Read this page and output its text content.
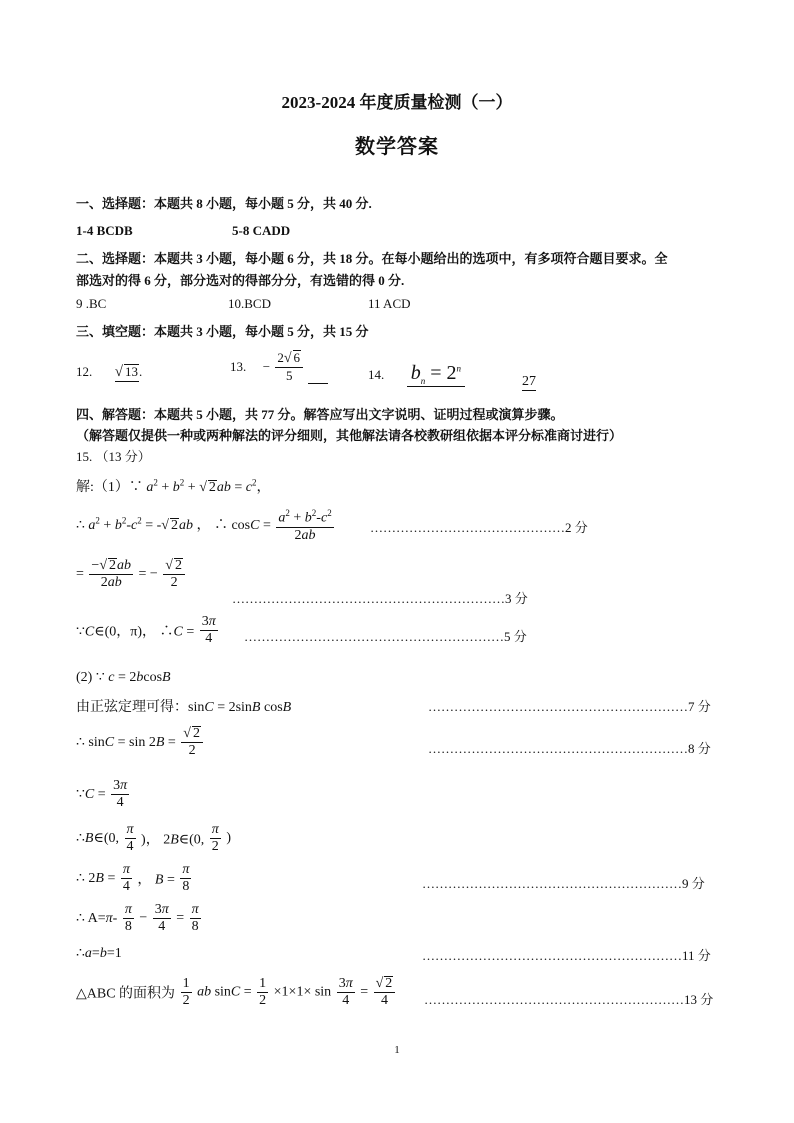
2023-2024 年度质量检测（一）
数学答案
一、选择题：本题共 8 小题，每小题 5 分，共 40 分.
1-4 BCDB	5-8 CADD
二、选择题：本题共 3 小题，每小题 6 分，共 18 分。在每小题给出的选项中，有多项符合题目要求。全
部选对的得 6 分，部分选对的得部分分，有选错的得 0 分.
9 .BC	10.BCD	11 ACD
三、填空题：本题共 3 小题，每小题 5 分，共 15 分
12. √ 13.	13. − $\frac{2√ 6}{5}$
	14. $b_n = 2^n$
27
四、解答题：本题共 5 小题，共 77 分。解答应写出文字说明、证明过程或演算步骤。
（解答题仅提供一种或两种解法的评分细则，其他解法请各校教研组依据本评分标准商讨进行）
15. （13 分）
解:（1）∵ $a^2 + b^2$ + √ $2ab = c^2$，
∴ $a^2 + b^2-c^2$ = -√ 2ab ， ∴ $\cos C = \frac{a^2 + b^2-c^2}{2ab}$	………………………………………2 分
= $\frac{-√ 2ab}{2ab}$ = − $\frac{√ 2}{2}$
………………………………………………………3 分
∵C∈(0，π)， ∴C = $\frac{3\pi}{4}$ ……………………………………………………5 分
(2) ∵ c = 2bcosB
由正弦定理可得：sinC = 2sinB cosB	……………………………………………………7 分
∴ $\sin C = \sin 2B = \frac{√ 2}{2}$	……………………………………………………8 分
∵C = $\frac{3\pi}{4}$
∴B∈(0, $\frac{\pi}{4}$ )， 2B∈(0, $\frac{\pi}{2}$ )
∴ $2B = \frac{\pi}{4}$ ， $B = \frac{\pi}{8}$	……………………………………………………9 分
∴ $A=\pi- \frac{\pi}{8} - \frac{3\pi}{4} = \frac{\pi}{8}$
∴a=b=1	……………………………………………………11 分
△ABC 的面积为 $\frac{1}{2}$ ab $\sin C = \frac{1}{2} \times 1\times 1\times \sin \frac{3\pi}{4} = \frac{√ 2}{4}$ ……………………………………………………13 分
1
